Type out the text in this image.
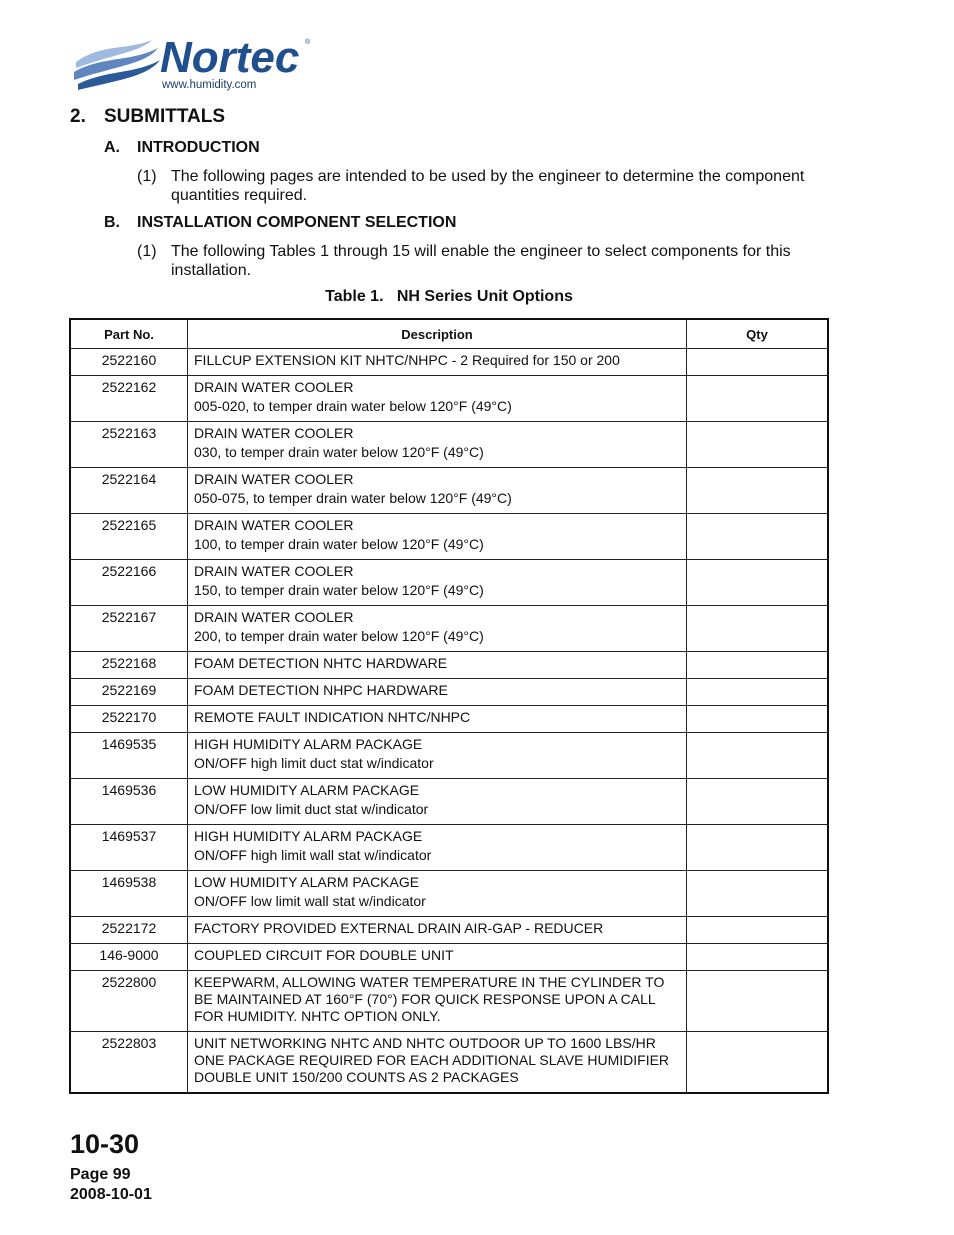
Nortec ®
www.humidity.com
2. SUBMITTALS
A. INTRODUCTION
(1) The following pages are intended to be used by the engineer to determine the component quantities required.
B. INSTALLATION COMPONENT SELECTION
(1) The following Tables 1 through 15 will enable the engineer to select components for this installation.
Table 1.   NH Series Unit Options
Part No.	Description	Qty
2522160	FILLCUP EXTENSION KIT NHTC/NHPC - 2 Required for 150 or 200	

2522162	DRAIN WATER COOLER
005-020, to temper drain water below 120°F (49°C)	

2522163	DRAIN WATER COOLER
030, to temper drain water below 120°F (49°C)	

2522164	DRAIN WATER COOLER
050-075, to temper drain water below 120°F (49°C)	

2522165	DRAIN WATER COOLER
100, to temper drain water below 120°F (49°C)	

2522166	DRAIN WATER COOLER
150, to temper drain water below 120°F (49°C)	

2522167	DRAIN WATER COOLER
200, to temper drain water below 120°F (49°C)	

2522168	FOAM DETECTION NHTC HARDWARE	

2522169	FOAM DETECTION NHPC HARDWARE	

2522170	REMOTE FAULT INDICATION NHTC/NHPC	

1469535	HIGH HUMIDITY ALARM PACKAGE
ON/OFF high limit duct stat w/indicator	

1469536	LOW HUMIDITY ALARM PACKAGE
ON/OFF low limit duct stat w/indicator	

1469537	HIGH HUMIDITY ALARM PACKAGE
ON/OFF high limit wall stat w/indicator	

1469538	LOW HUMIDITY ALARM PACKAGE
ON/OFF low limit wall stat w/indicator	

2522172	FACTORY PROVIDED EXTERNAL DRAIN AIR-GAP - REDUCER	

146-9000	COUPLED CIRCUIT FOR DOUBLE UNIT	

2522800	KEEPWARM, ALLOWING WATER TEMPERATURE IN THE CYLINDER TO
BE MAINTAINED AT 160°F (70°) FOR QUICK RESPONSE UPON A CALL
FOR HUMIDITY. NHTC OPTION ONLY.	

2522803	UNIT NETWORKING NHTC AND NHTC OUTDOOR UP TO 1600 LBS/HR
ONE PACKAGE REQUIRED FOR EACH ADDITIONAL SLAVE HUMIDIFIER
DOUBLE UNIT 150/200 COUNTS AS 2 PACKAGES	

10-30
Page 99
2008-10-01
